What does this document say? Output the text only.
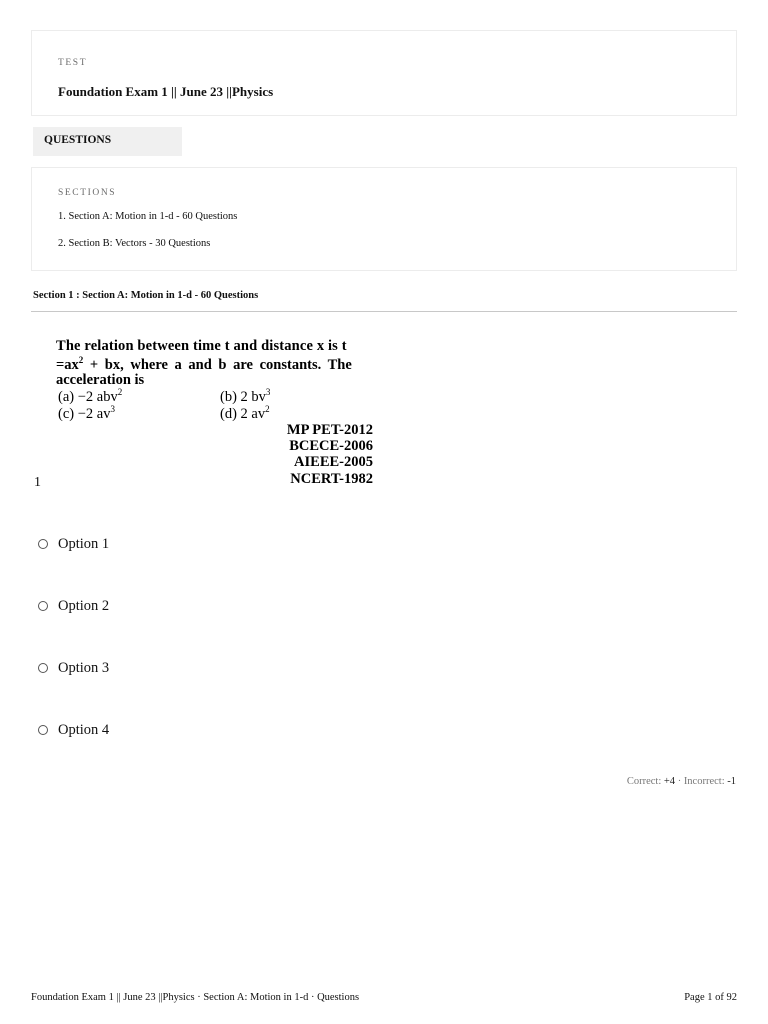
TEST
Foundation Exam 1 || June 23 ||Physics
QUESTIONS
SECTIONS
1. Section A: Motion in 1-d - 60 Questions
2. Section B: Vectors - 30 Questions
Section 1 : Section A: Motion in 1-d - 60 Questions
1
The relation between time t and distance x is t
$=ax^2$ + bx, where a and b are constants. The
acceleration is
(a) −2 abv$^2$	(b) 2 $bv^3$
(c) −2 $av^3$	(d) 2 $av^2$
MP PET-2012
BCECE-2006
AIEEE-2005
NCERT-1982
Option 1
Option 2
Option 3
Option 4
Correct: +4 · Incorrect: -1
Foundation Exam 1 || June 23 ||Physics · Section A: Motion in 1-d · Questions	Page 1 of 92
